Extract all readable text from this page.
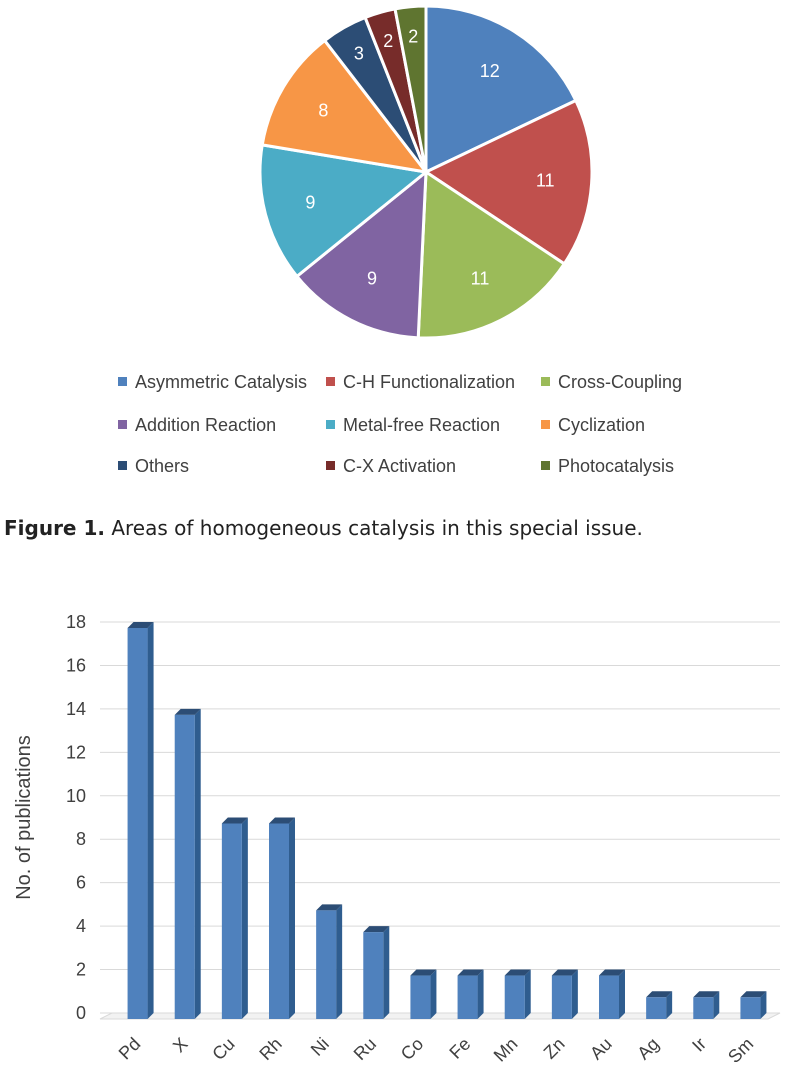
12
11
11
9
9
8
3
2 2
Asymmetric Catalysis	C-H Functionalization	Cross-Coupling
Addition Reaction	Metal-free Reaction	Cyclization
Others	C-X Activation	Photocatalysis
Figure 1. Areas of homogeneous catalysis in this special issue.
0
2
4
6
8
10
12
14
16
18
Pd X Cu Rh Ni Ru Co Fe Mn Zn Au Ag Ir Sm
No. of publications
